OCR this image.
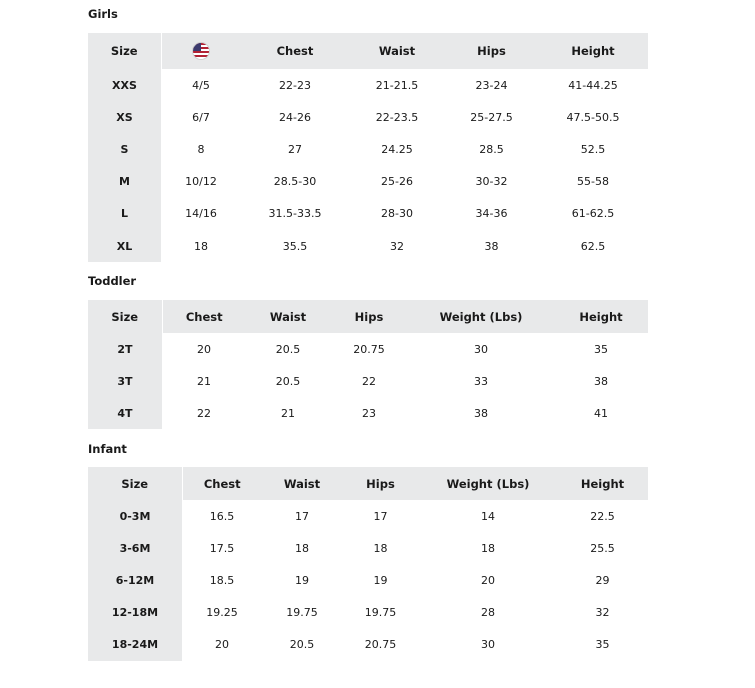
Girls
Size		Chest	Waist	Hips	Height
XXS	4/5	22-23	21-21.5	23-24	41-44.25
XS	6/7	24-26	22-23.5	25-27.5	47.5-50.5
S	8	27	24.25	28.5	52.5
M	10/12	28.5-30	25-26	30-32	55-58
L	14/16	31.5-33.5	28-30	34-36	61-62.5
XL	18	35.5	32	38	62.5
Toddler
Size	Chest	Waist	Hips	Weight (Lbs)	Height
2T	20	20.5	20.75	30	35
3T	21	20.5	22	33	38
4T	22	21	23	38	41
Infant
Size	Chest	Waist	Hips	Weight (Lbs)	Height
0-3M	16.5	17	17	14	22.5
3-6M	17.5	18	18	18	25.5
6-12M	18.5	19	19	20	29
12-18M	19.25	19.75	19.75	28	32
18-24M	20	20.5	20.75	30	35
